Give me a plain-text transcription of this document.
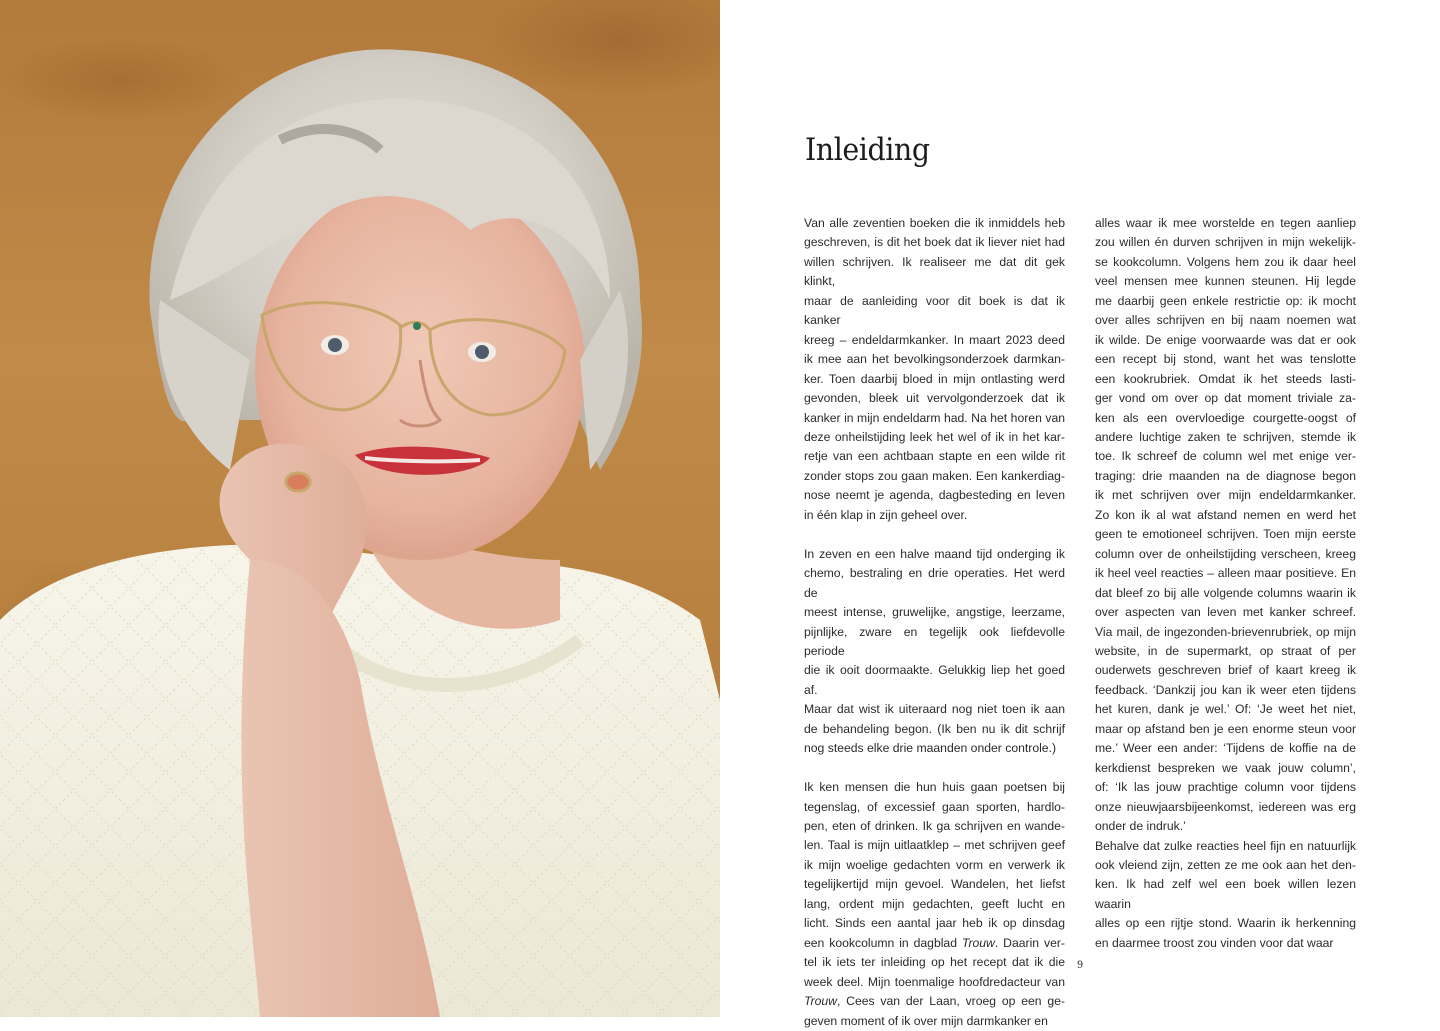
Inleiding

Van alle zeventien boeken die ik inmiddels heb
geschreven, is dit het boek dat ik liever niet had
willen schrijven. Ik realiseer me dat dit gek klinkt,
maar de aanleiding voor dit boek is dat ik kanker
kreeg – endeldarmkanker. In maart 2023 deed
ik mee aan het bevolkingsonderzoek darmkan-
ker. Toen daarbij bloed in mijn ontlasting werd
gevonden, bleek uit vervolgonderzoek dat ik
kanker in mijn endeldarm had. Na het horen van
deze onheilstijding leek het wel of ik in het kar-
retje van een achtbaan stapte en een wilde rit
zonder stops zou gaan maken. Een kankerdiag-
nose neemt je agenda, dagbesteding en leven
in één klap in zijn geheel over.

In zeven en een halve maand tijd onderging ik
chemo, bestraling en drie operaties. Het werd de
meest intense, gruwelijke, angstige, leerzame,
pijnlijke, zware en tegelijk ook liefdevolle periode
die ik ooit doormaakte. Gelukkig liep het goed af.
Maar dat wist ik uiteraard nog niet toen ik aan
de behandeling begon. (Ik ben nu ik dit schrijf
nog steeds elke drie maanden onder controle.)

Ik ken mensen die hun huis gaan poetsen bij
tegenslag, of excessief gaan sporten, hardlo-
pen, eten of drinken. Ik ga schrijven en wande-
len. Taal is mijn uitlaatklep – met schrijven geef
ik mijn woelige gedachten vorm en verwerk ik
tegelijkertijd mijn gevoel. Wandelen, het liefst
lang, ordent mijn gedachten, geeft lucht en
licht. Sinds een aantal jaar heb ik op dinsdag
een kookcolumn in dagblad Trouw. Daarin ver-
tel ik iets ter inleiding op het recept dat ik die
week deel. Mijn toenmalige hoofdredacteur van
Trouw, Cees van der Laan, vroeg op een ge-
geven moment of ik over mijn darmkanker en

alles waar ik mee worstelde en tegen aanliep
zou willen én durven schrijven in mijn wekelijk-
se kookcolumn. Volgens hem zou ik daar heel
veel mensen mee kunnen steunen. Hij legde
me daarbij geen enkele restrictie op: ik mocht
over alles schrijven en bij naam noemen wat
ik wilde. De enige voorwaarde was dat er ook
een recept bij stond, want het was tenslotte
een kookrubriek. Omdat ik het steeds lasti-
ger vond om over op dat moment triviale za-
ken als een overvloedige courgette-oogst of
andere luchtige zaken te schrijven, stemde ik
toe. Ik schreef de column wel met enige ver-
traging: drie maanden na de diagnose begon
ik met schrijven over mijn endeldarmkanker.
Zo kon ik al wat afstand nemen en werd het
geen te emotioneel schrijven. Toen mijn eerste
column over de onheilstijding verscheen, kreeg
ik heel veel reacties – alleen maar positieve. En
dat bleef zo bij alle volgende columns waarin ik
over aspecten van leven met kanker schreef.
Via mail, de ingezonden-brievenrubriek, op mijn
website, in de supermarkt, op straat of per
ouderwets geschreven brief of kaart kreeg ik
feedback. ‘Dankzij jou kan ik weer eten tijdens
het kuren, dank je wel.’ Of: ‘Je weet het niet,
maar op afstand ben je een enorme steun voor
me.’ Weer een ander: ‘Tijdens de koffie na de
kerkdienst bespreken we vaak jouw column’,
of: ‘Ik las jouw prachtige column voor tijdens
onze nieuwjaarsbijeenkomst, iedereen was erg
onder de indruk.’

Behalve dat zulke reacties heel fijn en natuurlijk
ook vleiend zijn, zetten ze me ook aan het den-
ken. Ik had zelf wel een boek willen lezen waarin
alles op een rijtje stond. Waarin ik herkenning
en daarmee troost zou vinden voor dat waar

9
